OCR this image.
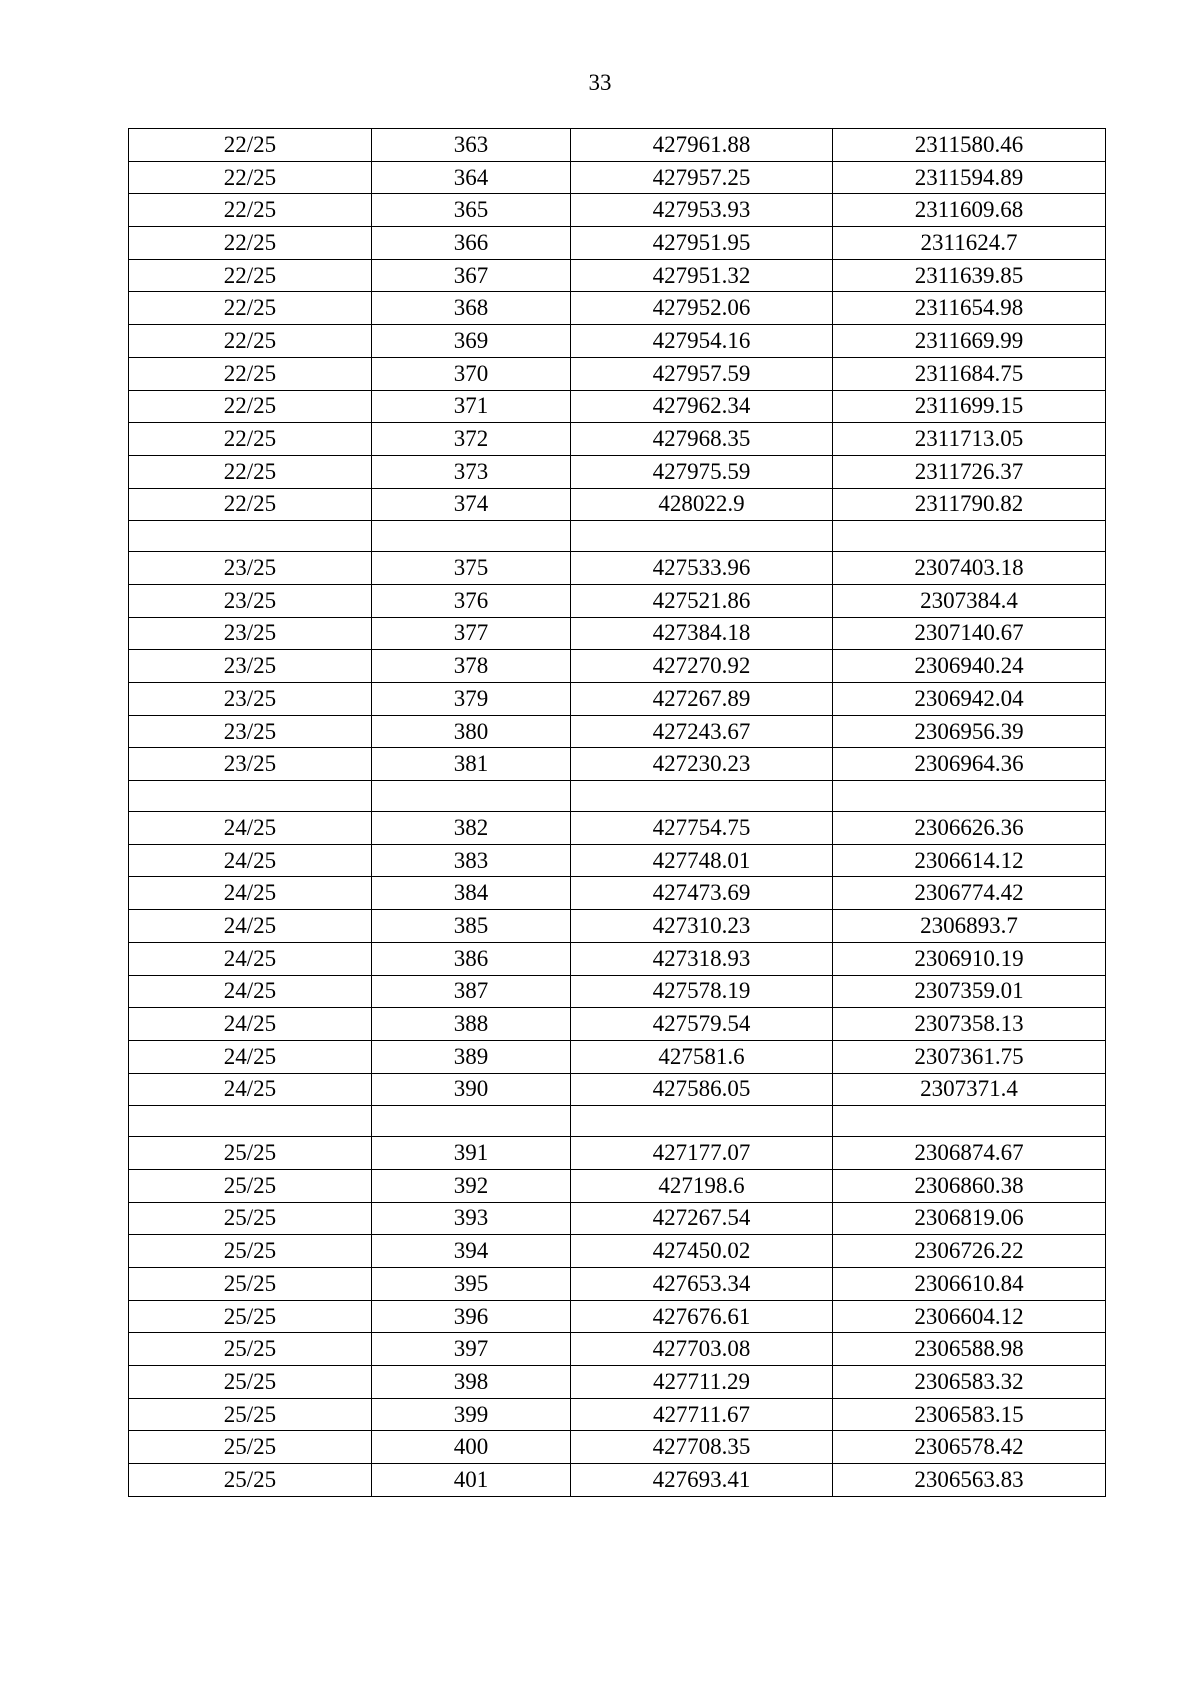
33
22/25	363	427961.88	2311580.46
22/25	364	427957.25	2311594.89
22/25	365	427953.93	2311609.68
22/25	366	427951.95	2311624.7
22/25	367	427951.32	2311639.85
22/25	368	427952.06	2311654.98
22/25	369	427954.16	2311669.99
22/25	370	427957.59	2311684.75
22/25	371	427962.34	2311699.15
22/25	372	427968.35	2311713.05
22/25	373	427975.59	2311726.37
22/25	374	428022.9	2311790.82

23/25	375	427533.96	2307403.18
23/25	376	427521.86	2307384.4
23/25	377	427384.18	2307140.67
23/25	378	427270.92	2306940.24
23/25	379	427267.89	2306942.04
23/25	380	427243.67	2306956.39
23/25	381	427230.23	2306964.36

24/25	382	427754.75	2306626.36
24/25	383	427748.01	2306614.12
24/25	384	427473.69	2306774.42
24/25	385	427310.23	2306893.7
24/25	386	427318.93	2306910.19
24/25	387	427578.19	2307359.01
24/25	388	427579.54	2307358.13
24/25	389	427581.6	2307361.75
24/25	390	427586.05	2307371.4

25/25	391	427177.07	2306874.67
25/25	392	427198.6	2306860.38
25/25	393	427267.54	2306819.06
25/25	394	427450.02	2306726.22
25/25	395	427653.34	2306610.84
25/25	396	427676.61	2306604.12
25/25	397	427703.08	2306588.98
25/25	398	427711.29	2306583.32
25/25	399	427711.67	2306583.15
25/25	400	427708.35	2306578.42
25/25	401	427693.41	2306563.83
